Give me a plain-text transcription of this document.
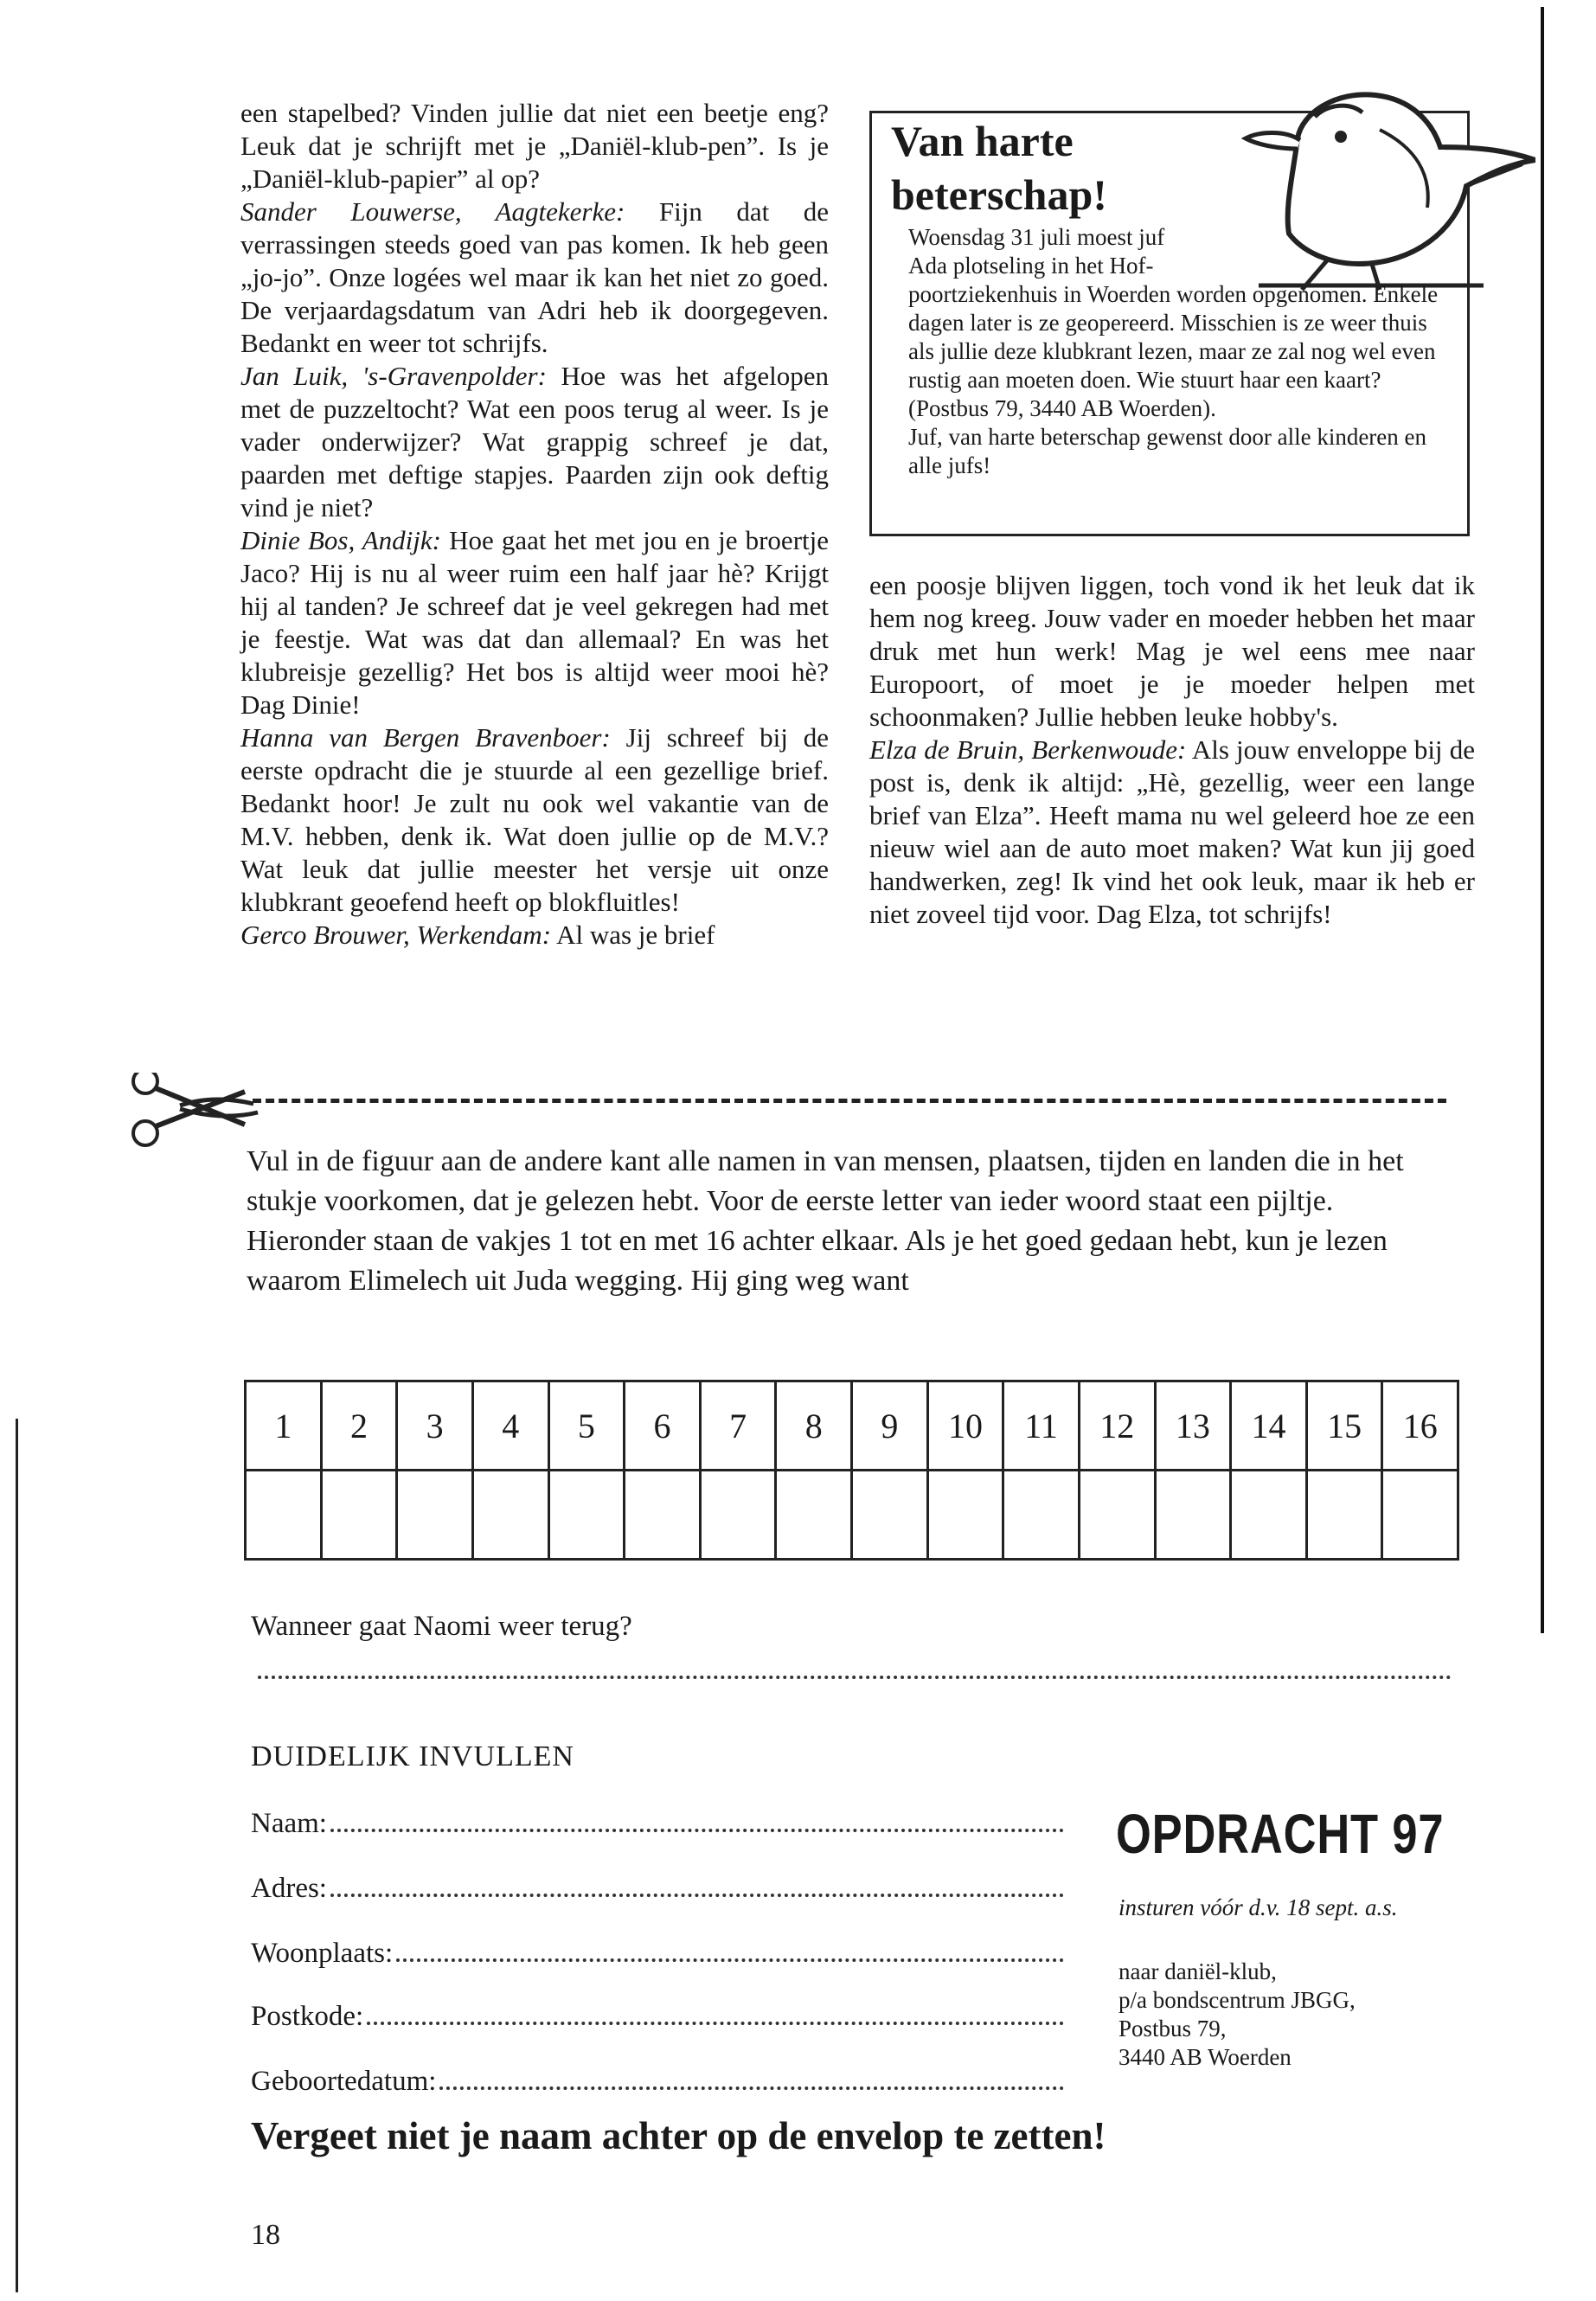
een stapelbed? Vinden jullie dat niet een beetje eng? Leuk dat je schrijft met je „Daniël-klub-pen”. Is je „Daniël-klub-papier” al op?

Sander Louwerse, Aagtekerke: Fijn dat de verrassingen steeds goed van pas komen. Ik heb geen „jo-jo”. Onze logées wel maar ik kan het niet zo goed. De verjaardagsdatum van Adri heb ik doorgegeven. Bedankt en weer tot schrijfs.

Jan Luik, 's-Gravenpolder: Hoe was het afgelopen met de puzzeltocht? Wat een poos terug al weer. Is je vader onderwijzer? Wat grappig schreef je dat, paarden met deftige stapjes. Paarden zijn ook deftig vind je niet?

Dinie Bos, Andijk: Hoe gaat het met jou en je broertje Jaco? Hij is nu al weer ruim een half jaar hè? Krijgt hij al tanden? Je schreef dat je veel gekregen had met je feestje. Wat was dat dan allemaal? En was het klubreisje gezellig? Het bos is altijd weer mooi hè? Dag Dinie!

Hanna van Bergen Bravenboer: Jij schreef bij de eerste opdracht die je stuurde al een gezellige brief. Bedankt hoor! Je zult nu ook wel vakantie van de M.V. hebben, denk ik. Wat doen jullie op de M.V.? Wat leuk dat jullie meester het versje uit onze klubkrant geoefend heeft op blokfluitles!

Gerco Brouwer, Werkendam: Al was je brief

Van harte beterschap!
Woensdag 31 juli moest juf
Ada plotseling in het Hof-
poortziekenhuis in Woerden worden opgenomen. Enkele dagen later is ze geopereerd. Misschien is ze weer thuis als jullie deze klubkrant lezen, maar ze zal nog wel even rustig aan moeten doen. Wie stuurt haar een kaart? (Postbus 79, 3440 AB Woerden).
Juf, van harte beterschap gewenst door alle kinderen en alle jufs!

een poosje blijven liggen, toch vond ik het leuk dat ik hem nog kreeg. Jouw vader en moeder hebben het maar druk met hun werk! Mag je wel eens mee naar Europoort, of moet je je moeder helpen met schoonmaken? Jullie hebben leuke hobby's.

Elza de Bruin, Berkenwoude: Als jouw enveloppe bij de post is, denk ik altijd: „Hè, gezellig, weer een lange brief van Elza”. Heeft mama nu wel geleerd hoe ze een nieuw wiel aan de auto moet maken? Wat kun jij goed handwerken, zeg! Ik vind het ook leuk, maar ik heb er niet zoveel tijd voor. Dag Elza, tot schrijfs!

Vul in de figuur aan de andere kant alle namen in van mensen, plaatsen, tijden en landen die in het stukje voorkomen, dat je gelezen hebt. Voor de eerste letter van ieder woord staat een pijltje.

Hieronder staan de vakjes 1 tot en met 16 achter elkaar. Als je het goed gedaan hebt, kun je lezen waarom Elimelech uit Juda wegging. Hij ging weg want

1	2	3	4	5	6	7	8	9	10	11	12	13	14	15	16

Wanneer gaat Naomi weer terug?
DUIDELIJK INVULLEN
Naam:
Adres:
Woonplaats:
Postkode:
Geboortedatum:
OPDRACHT 97
insturen vóór d.v. 18 sept. a.s.
naar daniël-klub,
p/a bondscentrum JBGG,
Postbus 79,
3440 AB Woerden
Vergeet niet je naam achter op de envelop te zetten!
18
